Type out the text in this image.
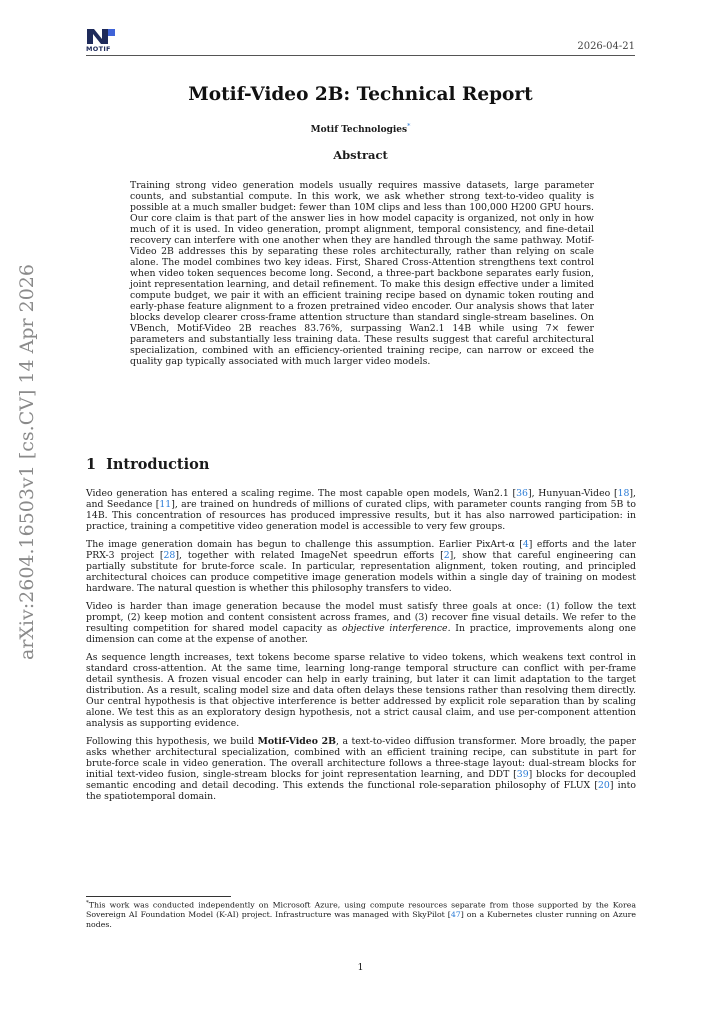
MOTIF	2026-04-21
arXiv:2604.16503v1 [cs.CV] 14 Apr 2026
Motif-Video 2B: Technical Report
Motif Technologies*
Abstract
Training strong video generation models usually requires massive datasets, large parameter counts, and substantial compute. In this work, we ask whether strong text-to-video quality is possible at a much smaller budget: fewer than 10M clips and less than 100,000 H200 GPU hours. Our core claim is that part of the answer lies in how model capacity is organized, not only in how much of it is used. In video generation, prompt alignment, temporal consistency, and fine-detail recovery can interfere with one another when they are handled through the same pathway. Motif-Video 2B addresses this by separating these roles architecturally, rather than relying on scale alone. The model combines two key ideas. First, Shared Cross-Attention strengthens text control when video token sequences become long. Second, a three-part backbone separates early fusion, joint representation learning, and detail refinement. To make this design effective under a limited compute budget, we pair it with an efficient training recipe based on dynamic token routing and early-phase feature alignment to a frozen pretrained video encoder. Our analysis shows that later blocks develop clearer cross-frame attention structure than standard single-stream baselines. On VBench, Motif-Video 2B reaches 83.76%, surpassing Wan2.1 14B while using 7× fewer parameters and substantially less training data. These results suggest that careful architectural specialization, combined with an efficiency-oriented training recipe, can narrow or exceed the quality gap typically associated with much larger video models.
1 Introduction

Video generation has entered a scaling regime. The most capable open models, Wan2.1 [36], Hunyuan-Video [18], and Seedance [11], are trained on hundreds of millions of curated clips, with parameter counts ranging from 5B to 14B. This concentration of resources has produced impressive results, but it has also narrowed participation: in practice, training a competitive video generation model is accessible to very few groups.

The image generation domain has begun to challenge this assumption. Earlier PixArt-α [4] efforts and the later PRX-3 project [28], together with related ImageNet speedrun efforts [2], show that careful engineering can partially substitute for brute-force scale. In particular, representation alignment, token routing, and principled architectural choices can produce competitive image generation models within a single day of training on modest hardware. The natural question is whether this philosophy transfers to video.

Video is harder than image generation because the model must satisfy three goals at once: (1) follow the text prompt, (2) keep motion and content consistent across frames, and (3) recover fine visual details. We refer to the resulting competition for shared model capacity as objective interference. In practice, improvements along one dimension can come at the expense of another.

As sequence length increases, text tokens become sparse relative to video tokens, which weakens text control in standard cross-attention. At the same time, learning long-range temporal structure can conflict with per-frame detail synthesis. A frozen visual encoder can help in early training, but later it can limit adaptation to the target distribution. As a result, scaling model size and data often delays these tensions rather than resolving them directly. Our central hypothesis is that objective interference is better addressed by explicit role separation than by scaling alone. We test this as an exploratory design hypothesis, not a strict causal claim, and use per-component attention analysis as supporting evidence.

Following this hypothesis, we build Motif-Video 2B, a text-to-video diffusion transformer. More broadly, the paper asks whether architectural specialization, combined with an efficient training recipe, can substitute in part for brute-force scale in video generation. The overall architecture follows a three-stage layout: dual-stream blocks for initial text-video fusion, single-stream blocks for joint representation learning, and DDT [39] blocks for decoupled semantic encoding and detail decoding. This extends the functional role-separation philosophy of FLUX [20] into the spatiotemporal domain.

*This work was conducted independently on Microsoft Azure, using compute resources separate from those supported by the Korea Sovereign AI Foundation Model (K-AI) project. Infrastructure was managed with SkyPilot [47] on a Kubernetes cluster running on Azure nodes.
1
